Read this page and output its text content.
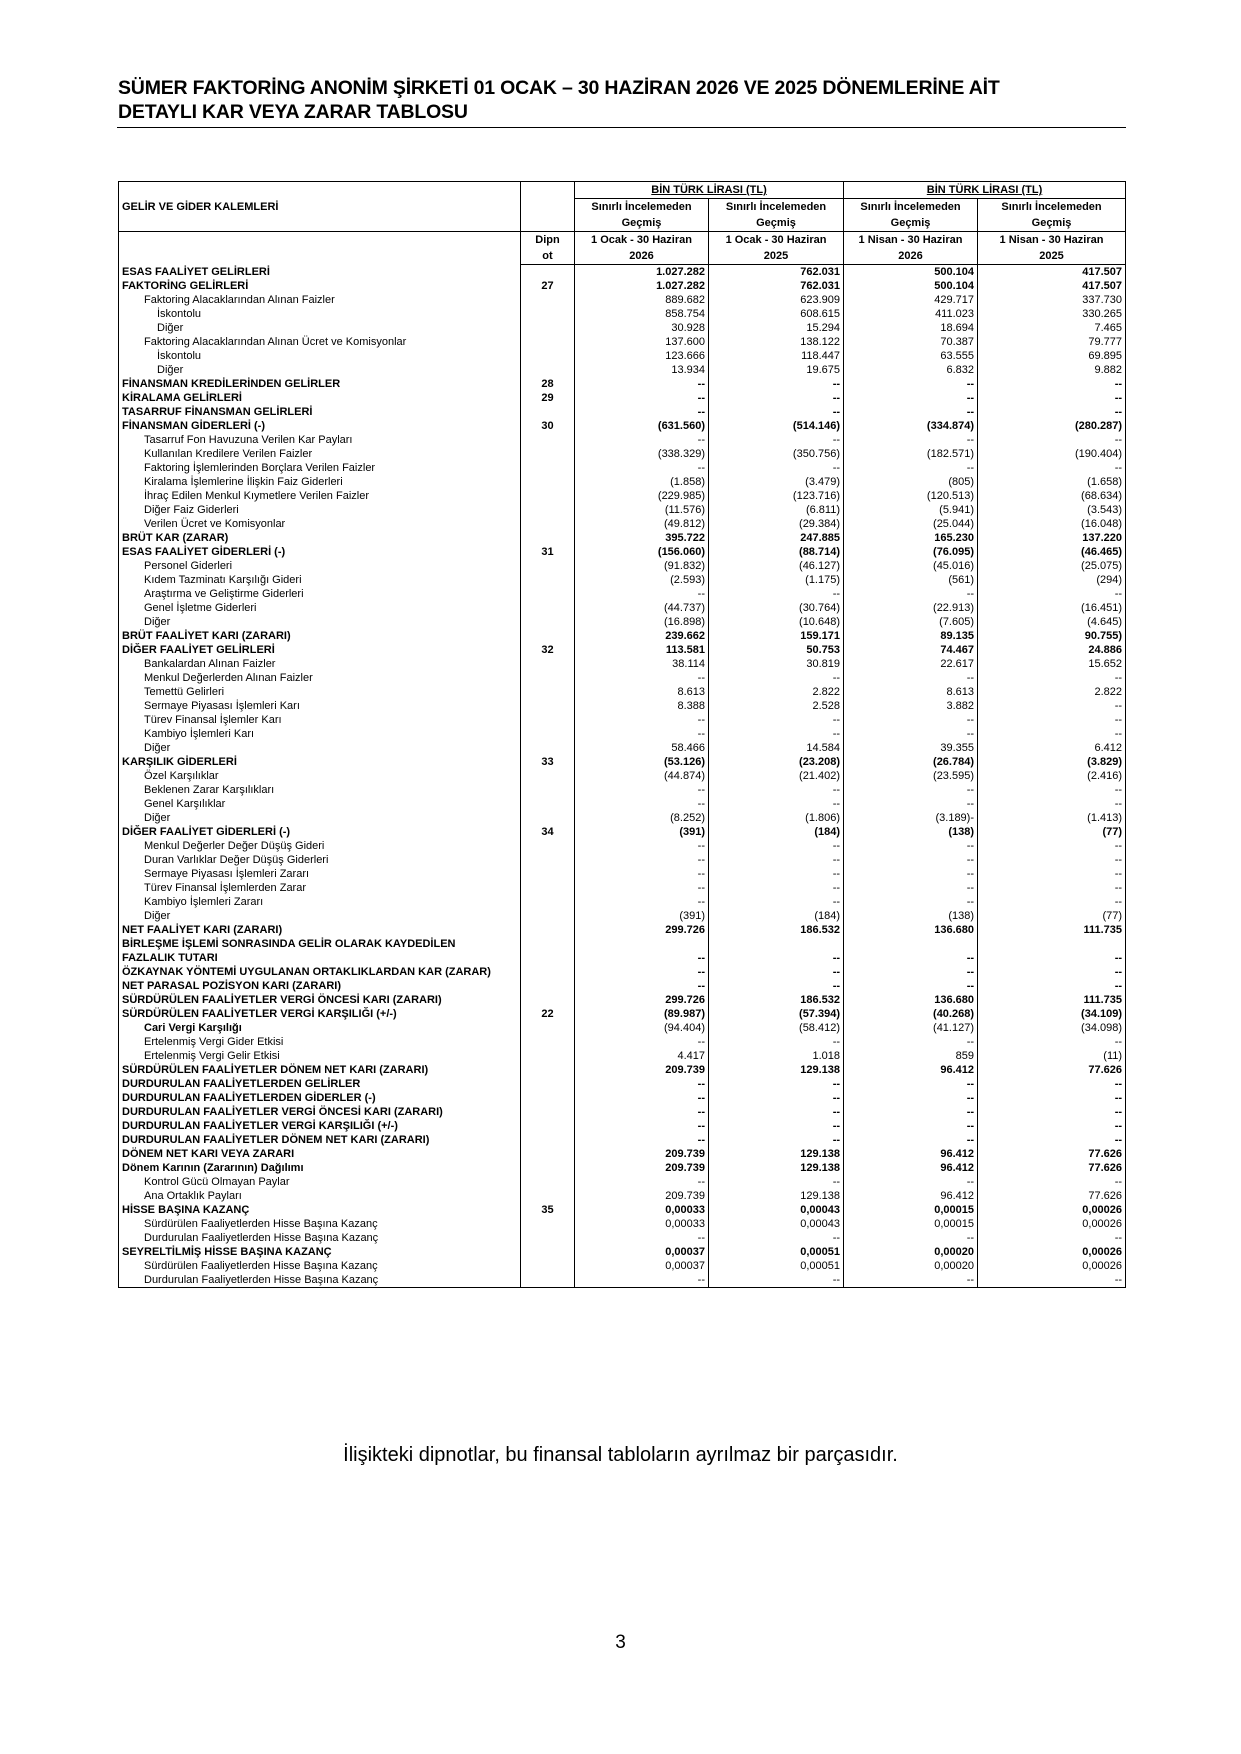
SÜMER FAKTORİNG ANONİM ŞİRKETİ 01 OCAK – 30 HAZİRAN 2026 VE 2025 DÖNEMLERİNE AİT
DETAYLI KAR VEYA ZARAR TABLOSU
GELİR VE GİDER KALEMLERİ		BİN TÜRK LİRASI (TL)		BİN TÜRK LİRASI (TL)	
		Sınırlı İncelemeden	Sınırlı İncelemeden	Sınırlı İncelemeden	Sınırlı İncelemeden
		Geçmiş	Geçmiş	Geçmiş	Geçmiş
	Dipn	1 Ocak - 30 Haziran	1 Ocak - 30 Haziran	1 Nisan - 30 Haziran	1 Nisan - 30 Haziran
	ot	2026	2025	2026	2025
ESAS FAALİYET GELİRLERİ		1.027.282	762.031	500.104	417.507
FAKTORİNG GELİRLERİ	27	1.027.282	762.031	500.104	417.507
Faktoring Alacaklarından Alınan Faizler		889.682	623.909	429.717	337.730
İskontolu		858.754	608.615	411.023	330.265
Diğer		30.928	15.294	18.694	7.465
Faktoring Alacaklarından Alınan Ücret ve Komisyonlar		137.600	138.122	70.387	79.777
İskontolu		123.666	118.447	63.555	69.895
Diğer		13.934	19.675	6.832	9.882
FİNANSMAN KREDİLERİNDEN GELİRLER	28	--	--	--	--
KİRALAMA GELİRLERİ	29	--	--	--	--
TASARRUF FİNANSMAN GELİRLERİ		--	--	--	--
FİNANSMAN GİDERLERİ (-)	30	(631.560)	(514.146)	(334.874)	(280.287)
Tasarruf Fon Havuzuna Verilen Kar Payları		--	--	--	--
Kullanılan Kredilere Verilen Faizler		(338.329)	(350.756)	(182.571)	(190.404)
Faktoring İşlemlerinden Borçlara Verilen Faizler		--	--	--	--
Kiralama İşlemlerine İlişkin Faiz Giderleri		(1.858)	(3.479)	(805)	(1.658)
İhraç Edilen Menkul Kıymetlere Verilen Faizler		(229.985)	(123.716)	(120.513)	(68.634)
Diğer Faiz Giderleri		(11.576)	(6.811)	(5.941)	(3.543)
Verilen Ücret ve Komisyonlar		(49.812)	(29.384)	(25.044)	(16.048)
BRÜT KAR (ZARAR)		395.722	247.885	165.230	137.220
ESAS FAALİYET GİDERLERİ (-)	31	(156.060)	(88.714)	(76.095)	(46.465)
Personel Giderleri		(91.832)	(46.127)	(45.016)	(25.075)
Kıdem Tazminatı Karşılığı Gideri		(2.593)	(1.175)	(561)	(294)
Araştırma ve Geliştirme Giderleri		--	--	--	--
Genel İşletme Giderleri		(44.737)	(30.764)	(22.913)	(16.451)
Diğer		(16.898)	(10.648)	(7.605)	(4.645)
BRÜT FAALİYET KARI (ZARARI)		239.662	159.171	89.135	90.755)
DİĞER FAALİYET GELİRLERİ	32	113.581	50.753	74.467	24.886
Bankalardan Alınan Faizler		38.114	30.819	22.617	15.652
Menkul Değerlerden Alınan Faizler		--	--	--	--
Temettü Gelirleri		8.613	2.822	8.613	2.822
Sermaye Piyasası İşlemleri Karı		8.388	2.528	3.882	--
Türev Finansal İşlemler Karı		--	--	--	--
Kambiyo İşlemleri Karı		--	--	--	--
Diğer		58.466	14.584	39.355	6.412
KARŞILIK GİDERLERİ	33	(53.126)	(23.208)	(26.784)	(3.829)
Özel Karşılıklar		(44.874)	(21.402)	(23.595)	(2.416)
Beklenen Zarar Karşılıkları		--	--	--	--
Genel Karşılıklar		--	--	--	--
Diğer		(8.252)	(1.806)	(3.189)-	(1.413)
DİĞER FAALİYET GİDERLERİ (-)	34	(391)	(184)	(138)	(77)
Menkul Değerler Değer Düşüş Gideri		--	--	--	--
Duran Varlıklar Değer Düşüş Giderleri		--	--	--	--
Sermaye Piyasası İşlemleri Zararı		--	--	--	--
Türev Finansal İşlemlerden Zarar		--	--	--	--
Kambiyo İşlemleri Zararı		--	--	--	--
Diğer		(391)	(184)	(138)	(77)
NET FAALİYET KARI (ZARARI)		299.726	186.532	136.680	111.735
BİRLEŞME İŞLEMİ SONRASINDA GELİR OLARAK KAYDEDİLEN
FAZLALIK TUTARI		--	--	--	--
ÖZKAYNAK YÖNTEMİ UYGULANAN ORTAKLIKLARDAN KAR (ZARAR)		--	--	--	--
NET PARASAL POZİSYON KARI (ZARARI)		--	--	--	--
SÜRDÜRÜLEN FAALİYETLER VERGİ ÖNCESİ KARI (ZARARI)		299.726	186.532	136.680	111.735
SÜRDÜRÜLEN FAALİYETLER VERGİ KARŞILIĞI (+/-)	22	(89.987)	(57.394)	(40.268)	(34.109)
Cari Vergi Karşılığı		(94.404)	(58.412)	(41.127)	(34.098)
Ertelenmiş Vergi Gider Etkisi		--	--	--	--
Ertelenmiş Vergi Gelir Etkisi		4.417	1.018	859	(11)
SÜRDÜRÜLEN FAALİYETLER DÖNEM NET KARI (ZARARI)		209.739	129.138	96.412	77.626
DURDURULAN FAALİYETLERDEN GELİRLER		--	--	--	--
DURDURULAN FAALİYETLERDEN GİDERLER (-)		--	--	--	--
DURDURULAN FAALİYETLER VERGİ ÖNCESİ KARI (ZARARI)		--	--	--	--
DURDURULAN FAALİYETLER VERGİ KARŞILIĞI (+/-)		--	--	--	--
DURDURULAN FAALİYETLER DÖNEM NET KARI (ZARARI)		--	--	--	--
DÖNEM NET KARI VEYA ZARARI		209.739	129.138	96.412	77.626
Dönem Karının (Zararının) Dağılımı		209.739	129.138	96.412	77.626
Kontrol Gücü Olmayan Paylar		--	--	--	--
Ana Ortaklık Payları		209.739	129.138	96.412	77.626
HİSSE BAŞINA KAZANÇ	35	0,00033	0,00043	0,00015	0,00026
Sürdürülen Faaliyetlerden Hisse Başına Kazanç		0,00033	0,00043	0,00015	0,00026
Durdurulan Faaliyetlerden Hisse Başına Kazanç		--	--	--	--
SEYRELTİLMİŞ HİSSE BAŞINA KAZANÇ		0,00037	0,00051	0,00020	0,00026
Sürdürülen Faaliyetlerden Hisse Başına Kazanç		0,00037	0,00051	0,00020	0,00026
Durdurulan Faaliyetlerden Hisse Başına Kazanç		--	--	--	--
İlişikteki dipnotlar, bu finansal tabloların ayrılmaz bir parçasıdır.
3
